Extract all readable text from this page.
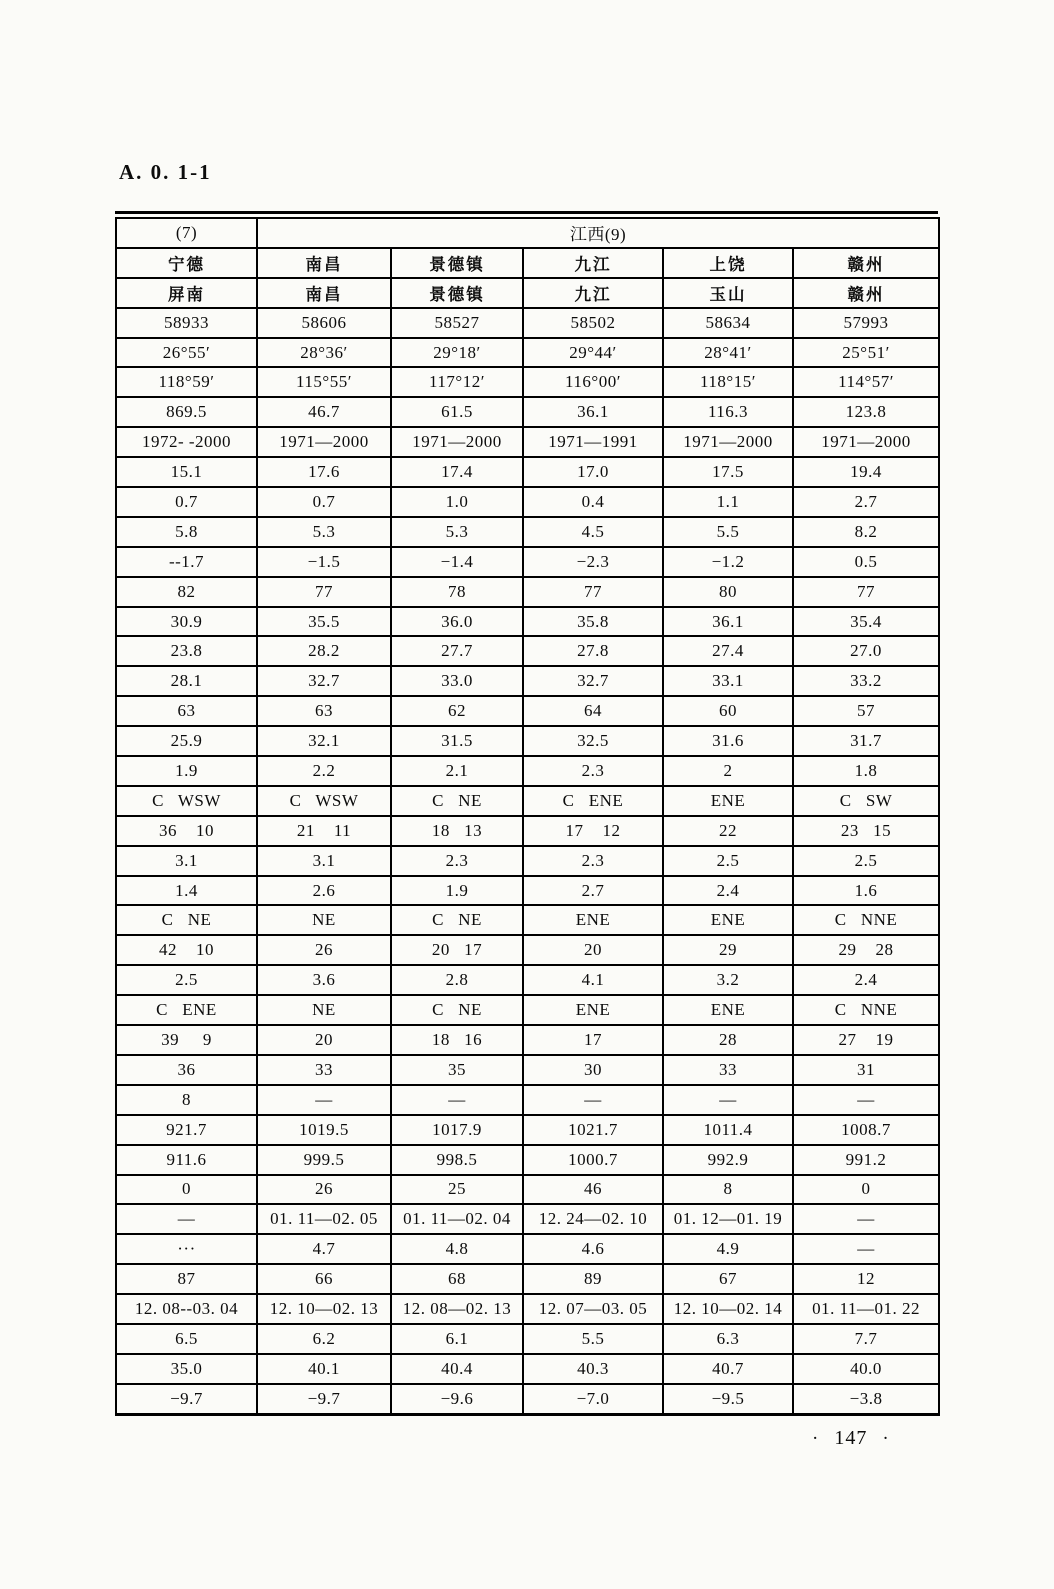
A. 0. 1-1
(7)	江西(9)				
宁德	南昌	景德镇	九江	上饶	赣州
屏南	南昌	景德镇	九江	玉山	赣州
58933	58606	58527	58502	58634	57993
26°55′	28°36′	29°18′	29°44′	28°41′	25°51′
118°59′	115°55′	117°12′	116°00′	118°15′	114°57′
869.5	46.7	61.5	36.1	116.3	123.8
1972- -2000	1971—2000	1971—2000	1971—1991	1971—2000	1971—2000
15.1	17.6	17.4	17.0	17.5	19.4
0.7	0.7	1.0	0.4	1.1	2.7
5.8	5.3	5.3	4.5	5.5	8.2
--1.7	−1.5	−1.4	−2.3	−1.2	0.5
82	77	78	77	80	77
30.9	35.5	36.0	35.8	36.1	35.4
23.8	28.2	27.7	27.8	27.4	27.0
28.1	32.7	33.0	32.7	33.1	33.2
63	63	62	64	60	57
25.9	32.1	31.5	32.5	31.6	31.7
1.9	2.2	2.1	2.3	2	1.8
C   WSW	C   WSW	C   NE	C   ENE	ENE	C   SW
36    10	21    11	18   13	17    12	22	23   15
3.1	3.1	2.3	2.3	2.5	2.5
1.4	2.6	1.9	2.7	2.4	1.6
C   NE	NE	C   NE	ENE	ENE	C   NNE
42    10	26	20   17	20	29	29    28
2.5	3.6	2.8	4.1	3.2	2.4
C   ENE	NE	C   NE	ENE	ENE	C   NNE
39     9	20	18   16	17	28	27    19
36	33	35	30	33	31
8	—	—	—	—	—
921.7	1019.5	1017.9	1021.7	1011.4	1008.7
911.6	999.5	998.5	1000.7	992.9	991.2
0	26	25	46	8	0
—	01. 11—02. 05	01. 11—02. 04	12. 24—02. 10	01. 12—01. 19	—
···	4.7	4.8	4.6	4.9	—
87	66	68	89	67	12
12. 08--03. 04	12. 10—02. 13	12. 08—02. 13	12. 07—03. 05	12. 10—02. 14	01. 11—01. 22
6.5	6.2	6.1	5.5	6.3	7.7
35.0	40.1	40.4	40.3	40.7	40.0
−9.7	−9.7	−9.6	−7.0	−9.5	−3.8
· 147 ·
